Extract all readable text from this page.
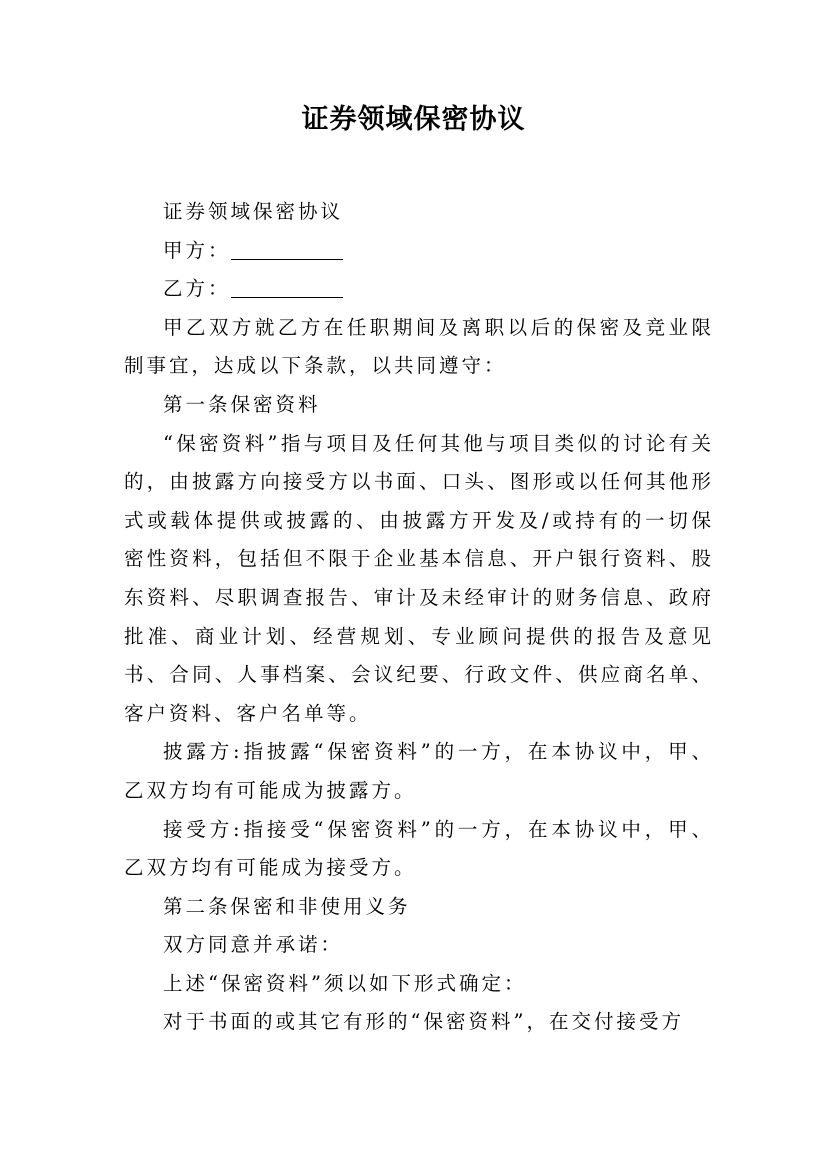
证券领域保密协议

证券领域保密协议

甲方：

乙方：

甲乙双方就乙方在任职期间及离职以后的保密及竞业限制事宜，达成以下条款，以共同遵守：

第一条保密资料

“保密资料”指与项目及任何其他与项目类似的讨论有关的，由披露方向接受方以书面、口头、图形或以任何其他形式或载体提供或披露的、由披露方开发及/或持有的一切保密性资料，包括但不限于企业基本信息、开户银行资料、股东资料、尽职调查报告、审计及未经审计的财务信息、政府批准、商业计划、经营规划、专业顾问提供的报告及意见书、合同、人事档案、会议纪要、行政文件、供应商名单、客户资料、客户名单等。

披露方:指披露“保密资料”的一方，在本协议中，甲、乙双方均有可能成为披露方。

接受方:指接受“保密资料”的一方，在本协议中，甲、乙双方均有可能成为接受方。

第二条保密和非使用义务

双方同意并承诺：

上述“保密资料”须以如下形式确定：

对于书面的或其它有形的“保密资料”，在交付接受方
